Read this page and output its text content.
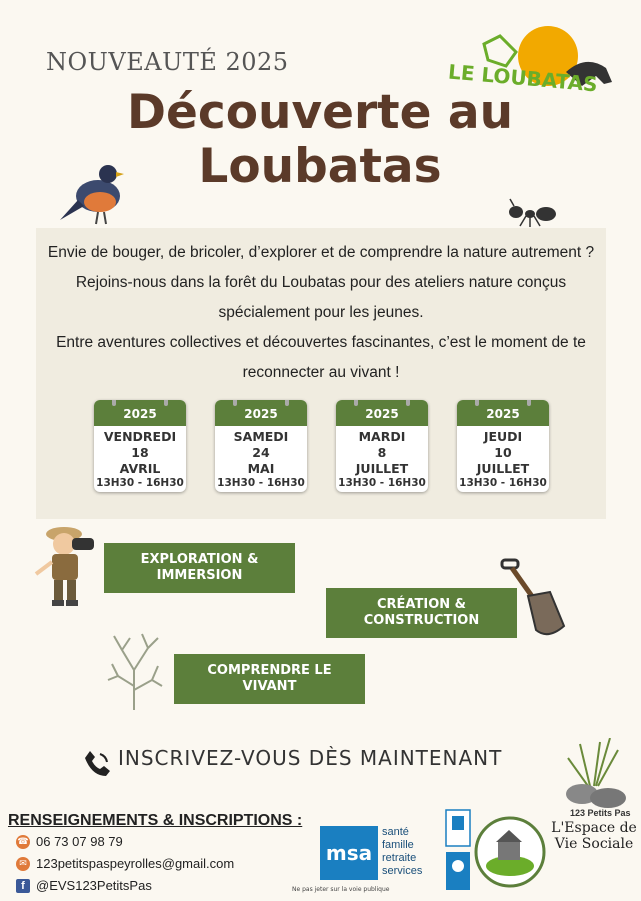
NOUVEAUTÉ 2025	LE LOUBATAS
Découverte au
Loubatas
Envie de bouger, de bricoler, d’explorer et de comprendre la nature autrement ? Rejoins-nous dans la forêt du Loubatas pour des ateliers nature conçus spécialement pour les jeunes.
Entre aventures collectives et découvertes fascinantes, c’est le moment de te reconnecter au vivant !
2025
VENDREDI
18
AVRIL
13H30 - 16H30
2025
SAMEDI
24
MAI
13H30 - 16H30
2025
MARDI
8
JUILLET
13H30 - 16H30
2025
JEUDI
10
JUILLET
13H30 - 16H30
EXPLORATION & IMMERSION
CRÉATION & CONSTRUCTION
COMPRENDRE LE VIVANT
INSCRIVEZ-VOUS DÈS MAINTENANT
RENSEIGNEMENTS & INSCRIPTIONS :
☎ 06 73 07 98 79
✉ 123petitspaspeyrolles@gmail.com
f @EVS123PetitsPas
msa
santé
famille
retraite
services
Ne pas jeter sur la voie publique
123 Petits Pas
L'Espace de Vie Sociale
